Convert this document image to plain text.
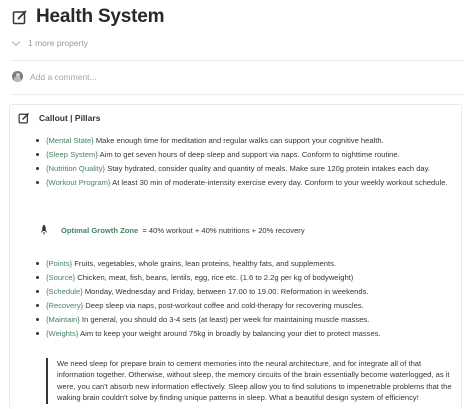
Health System
1 more property
Add a comment...
Callout | Pillars
{Mental State} Make enough time for meditation and regular walks can support your cognitive health.
{Sleep System} Aim to get seven hours of deep sleep and support via naps. Conform to nighttime routine.
{Nutrition Quality} Stay hydrated, consider quality and quantity of meals. Make sure 120g protein intakes each day.
{Workout Program} At least 30 min of moderate-intensity exercise every day. Conform to your weekly workout schedule.
Optimal Growth Zone
= 40% workout + 40% nutritions + 20% recovery
{Points} Fruits, vegetables, whole grains, lean proteins, healthy fats, and supplements.
{Source} Chicken, meat, fish, beans, lentils, egg, rice etc. (1.6 to 2.2g per kg of bodyweight)
{Schedule} Monday, Wednesday and Friday, between 17.00 to 19.00. Reformation in weekends.
{Recovery} Deep sleep via naps, post-workout coffee and cold-therapy for recovering muscles.
{Maintain} In general, you should do 3-4 sets (at least) per week for maintaining muscle masses.
{Weights} Aim to keep your weight around 75kg in broadly by balancing your diet to protect masses.
We need sleep for prepare brain to cement memories into the neural architecture, and for integrate all of that information together. Otherwise, without sleep, the memory circuits of the brain essentially become waterlogged, as it were, you can't absorb new information effectively. Sleep allow you to find solutions to impenetrable problems that the waking brain couldn't solve by finding unique patterns in sleep. What a beautiful design system of efficiency!
